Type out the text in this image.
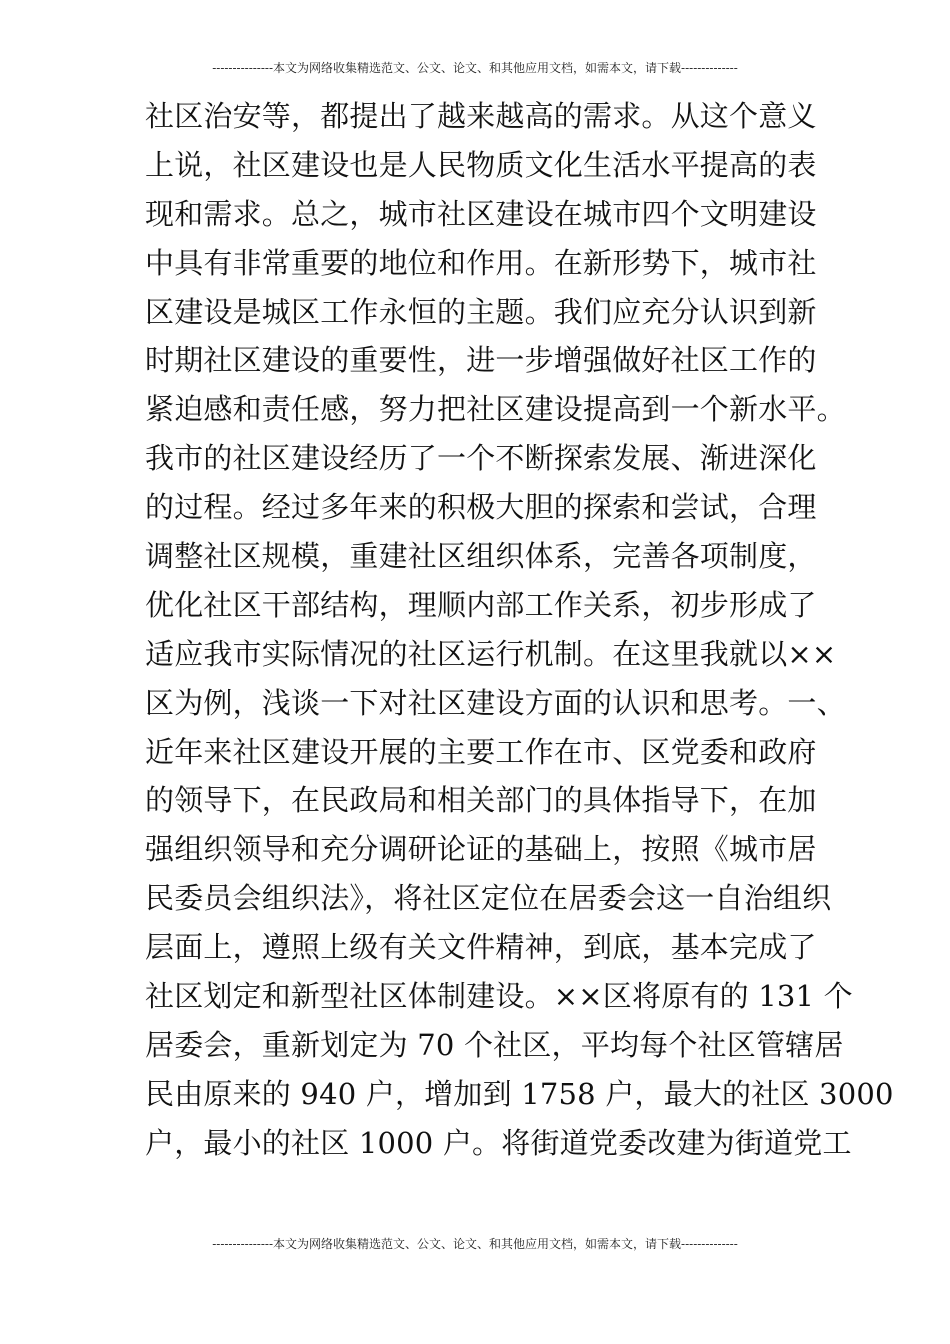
---------------本文为网络收集精选范文、公文、论文、和其他应用文档，如需本文，请下载--------------
社区治安等，都提出了越来越高的需求。从这个意义
上说，社区建设也是人民物质文化生活水平提高的表
现和需求。总之，城市社区建设在城市四个文明建设
中具有非常重要的地位和作用。在新形势下，城市社
区建设是城区工作永恒的主题。我们应充分认识到新
时期社区建设的重要性，进一步增强做好社区工作的
紧迫感和责任感，努力把社区建设提高到一个新水平。
我市的社区建设经历了一个不断探索发展、渐进深化
的过程。经过多年来的积极大胆的探索和尝试，合理
调整社区规模，重建社区组织体系，完善各项制度，
优化社区干部结构，理顺内部工作关系，初步形成了
适应我市实际情况的社区运行机制。在这里我就以××
区为例，浅谈一下对社区建设方面的认识和思考。一、
近年来社区建设开展的主要工作在市、区党委和政府
的领导下，在民政局和相关部门的具体指导下，在加
强组织领导和充分调研论证的基础上，按照《城市居
民委员会组织法》，将社区定位在居委会这一自治组织
层面上，遵照上级有关文件精神，到底，基本完成了
社区划定和新型社区体制建设。××区将原有的 131 个
居委会，重新划定为 70 个社区，平均每个社区管辖居
民由原来的 940 户，增加到 1758 户，最大的社区 3000
户，最小的社区 1000 户。将街道党委改建为街道党工
---------------本文为网络收集精选范文、公文、论文、和其他应用文档，如需本文，请下载--------------
